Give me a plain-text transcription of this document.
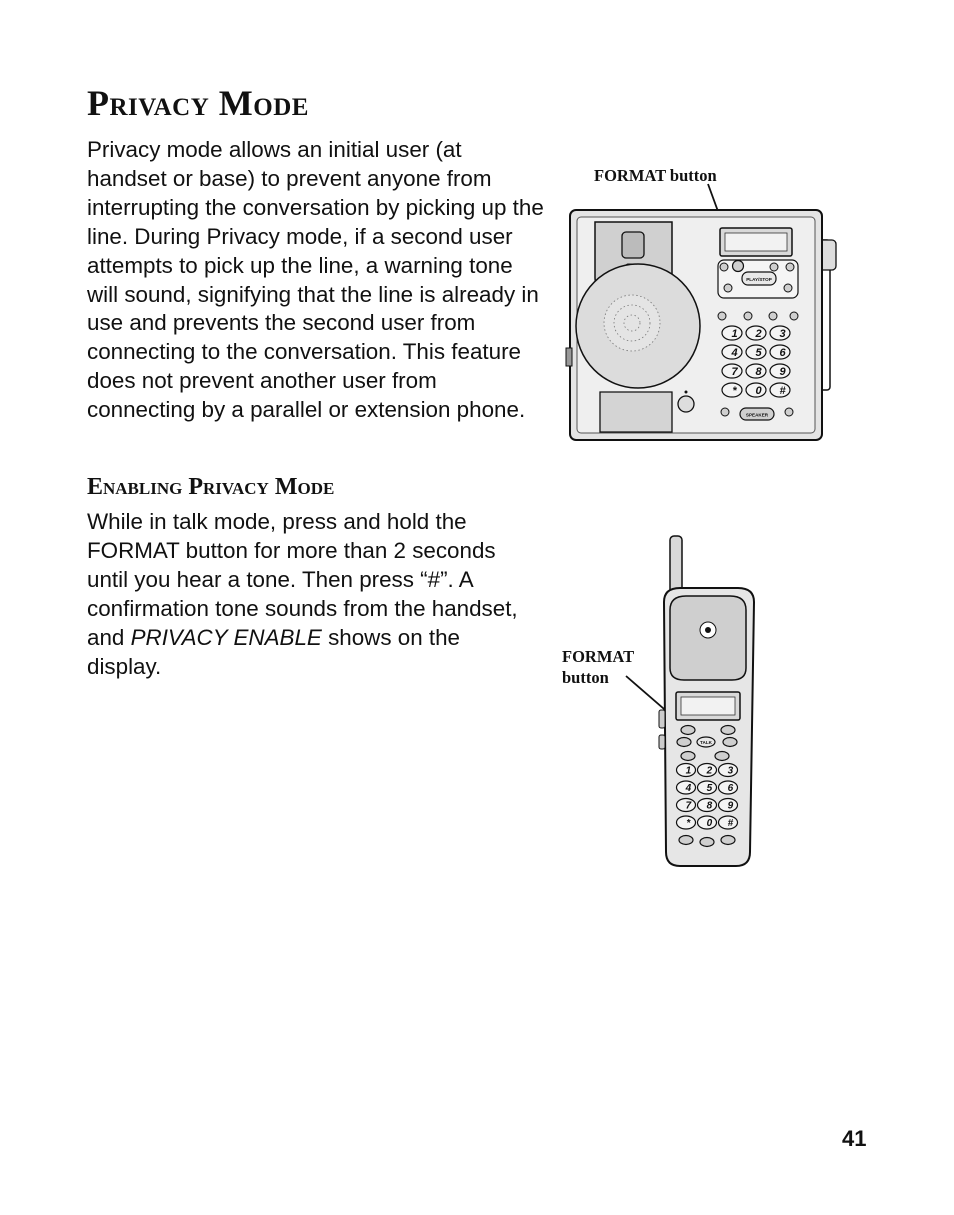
Privacy Mode

Privacy mode allows an initial user (at handset or base) to prevent anyone from interrupting the conversation by picking up the line. During Privacy mode, if a second user attempts to pick up the line, a warning tone will sound, signifying that the line is already in use and prevents the second user from connecting to the conversation. This feature does not prevent another user from connecting by a parallel or extension phone.

Enabling Privacy Mode

While in talk mode, press and hold the FORMAT button for more than 2 seconds until you hear a tone. Then press “#”. A confirmation tone sounds from the handset, and PRIVACY ENABLE shows on the display.

FORMAT button
FORMAT
button
PLAY/STOP
1 2 3
4 5 6
7 8 9
* 0 #
SPEAKER
TALK
1 2 3
4 5 6
7 8 9
* 0 #
41
